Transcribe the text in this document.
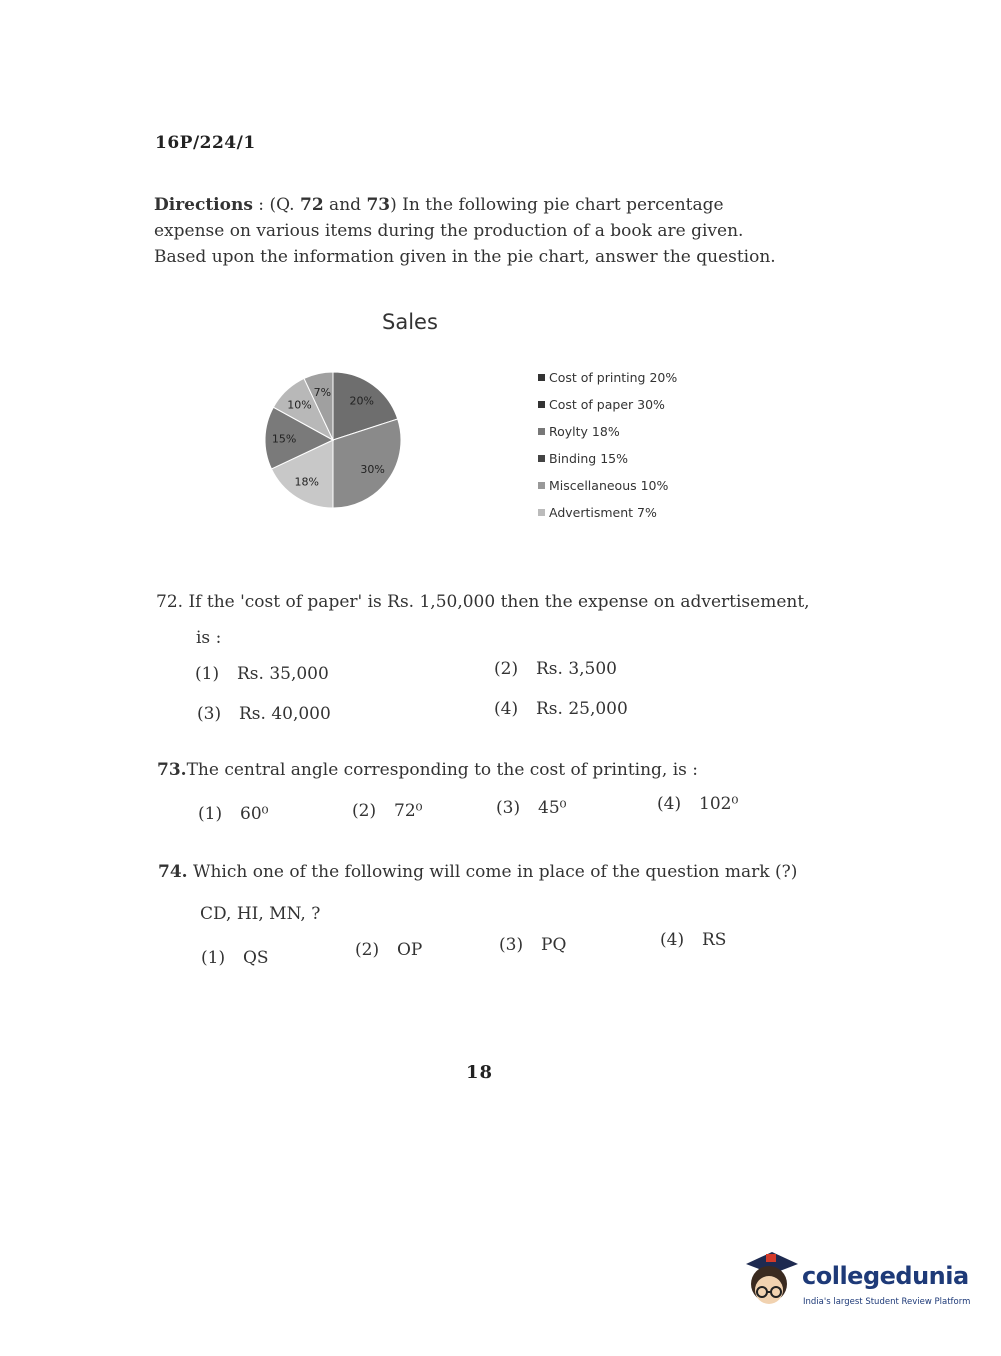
16P/224/1
Directions : (Q. 72 and 73) In the following pie chart percentage expense on various items during the production of a book are given. Based upon the information given in the pie chart, answer the question.
Sales
20%
30%
18%
15%
10%
7%
Cost of printing 20%
Cost of paper 30%
Roylty 18%
Binding 15%
Miscellaneous 10%
Advertisment 7%
72. If the 'cost of paper' is Rs. 1,50,000 then the expense on advertisement,
is :
(1) Rs. 35,000	(2) Rs. 3,500
(3) Rs. 40,000	(4) Rs. 25,000
73.The central angle corresponding to the cost of printing, is :
(1) 60⁰	(2) 72⁰	(3) 45⁰	(4) 102⁰
74. Which one of the following will come in place of the question mark (?)
CD, HI, MN, ?
(1) QS	(2) OP	(3) PQ	(4) RS
18
collegedunia
India's largest Student Review Platform
